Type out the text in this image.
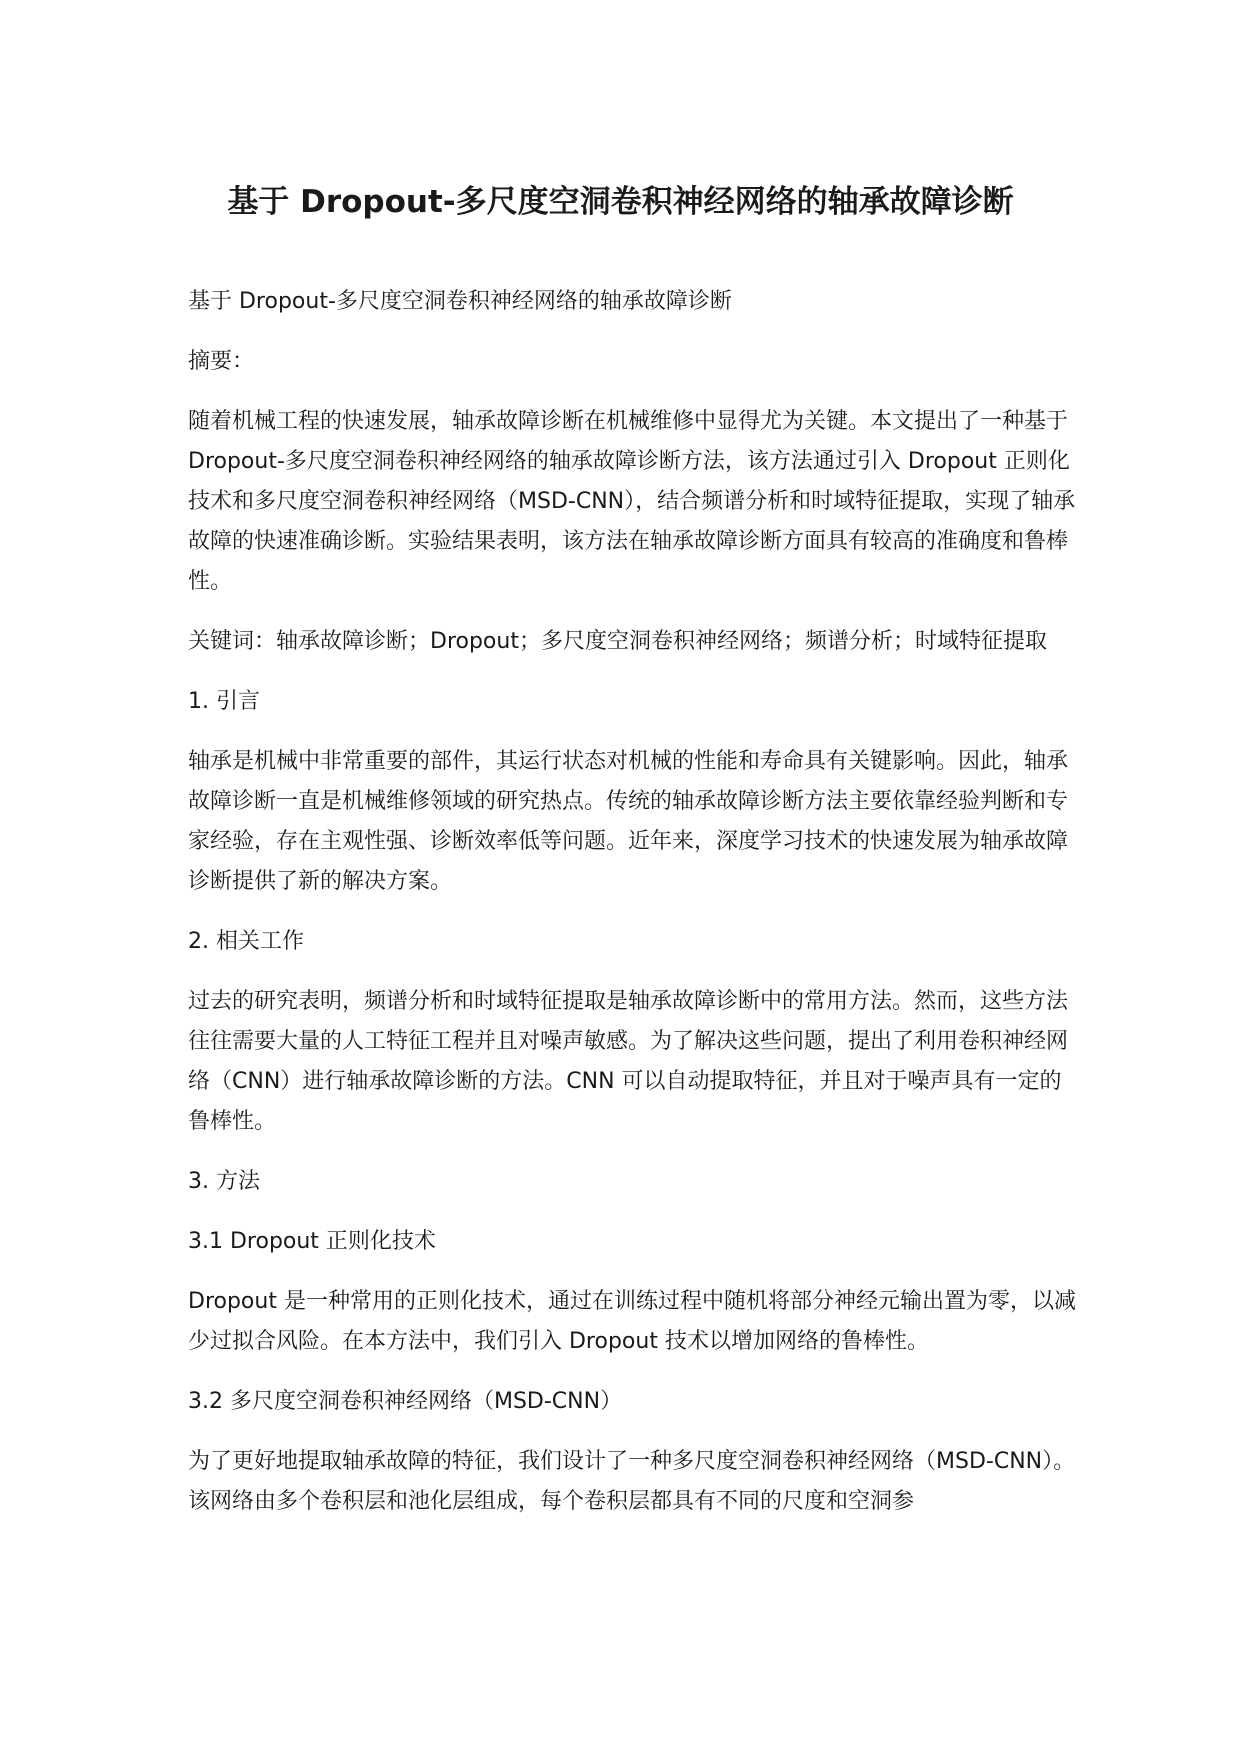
基于 Dropout-多尺度空洞卷积神经网络的轴承故障诊断

基于 Dropout-多尺度空洞卷积神经网络的轴承故障诊断

摘要：

随着机械工程的快速发展，轴承故障诊断在机械维修中显得尤为关键。本文提出了一种基于 Dropout-多尺度空洞卷积神经网络的轴承故障诊断方法，该方法通过引入 Dropout 正则化技术和多尺度空洞卷积神经网络（MSD-CNN），结合频谱分析和时域特征提取，实现了轴承故障的快速准确诊断。实验结果表明，该方法在轴承故障诊断方面具有较高的准确度和鲁棒性。

关键词：轴承故障诊断；Dropout；多尺度空洞卷积神经网络；频谱分析；时域特征提取

1. 引言

轴承是机械中非常重要的部件，其运行状态对机械的性能和寿命具有关键影响。因此，轴承故障诊断一直是机械维修领域的研究热点。传统的轴承故障诊断方法主要依靠经验判断和专家经验，存在主观性强、诊断效率低等问题。近年来，深度学习技术的快速发展为轴承故障诊断提供了新的解决方案。

2. 相关工作

过去的研究表明，频谱分析和时域特征提取是轴承故障诊断中的常用方法。然而，这些方法往往需要大量的人工特征工程并且对噪声敏感。为了解决这些问题，提出了利用卷积神经网络（CNN）进行轴承故障诊断的方法。CNN 可以自动提取特征，并且对于噪声具有一定的鲁棒性。

3. 方法

3.1 Dropout 正则化技术

Dropout 是一种常用的正则化技术，通过在训练过程中随机将部分神经元输出置为零，以减少过拟合风险。在本方法中，我们引入 Dropout 技术以增加网络的鲁棒性。

3.2 多尺度空洞卷积神经网络（MSD-CNN）

为了更好地提取轴承故障的特征，我们设计了一种多尺度空洞卷积神经网络（MSD-CNN）。该网络由多个卷积层和池化层组成，每个卷积层都具有不同的尺度和空洞参
